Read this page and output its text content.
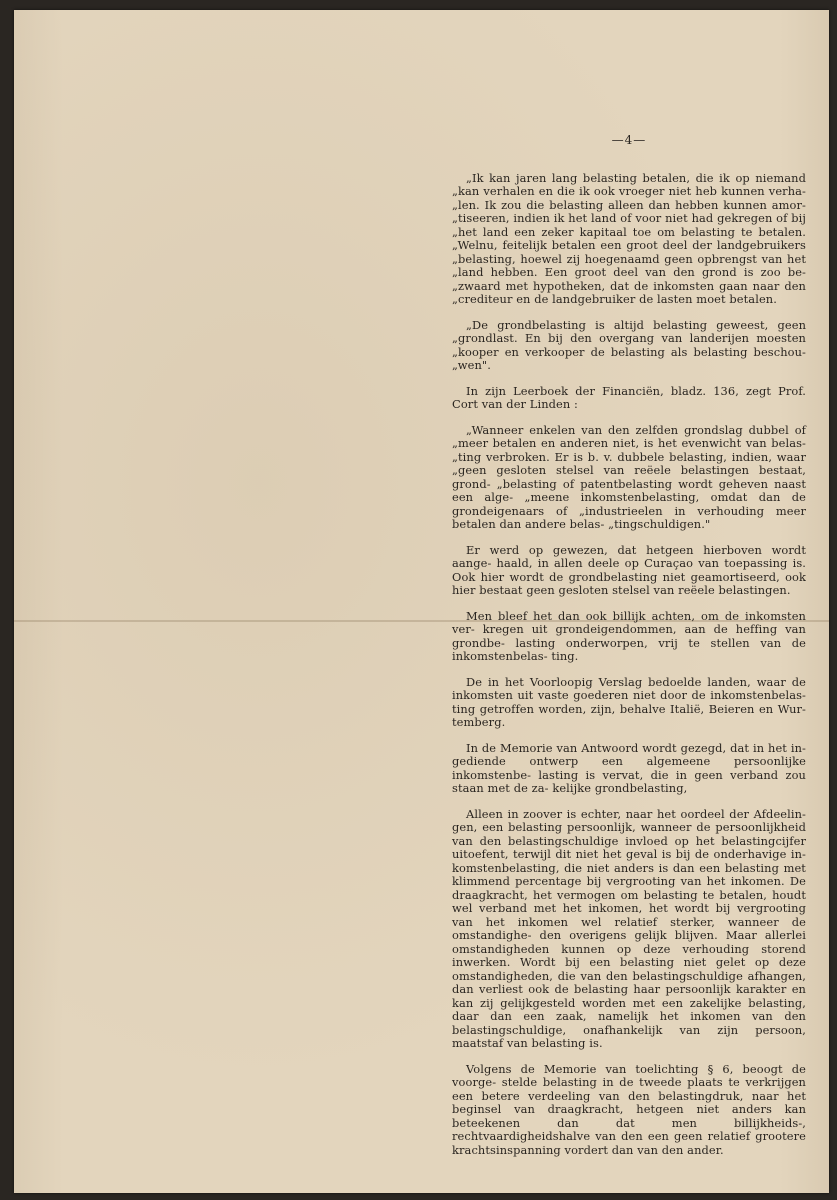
—4—

„Ik kan jaren lang belasting betalen, die ik op niemand „kan verhalen en die ik ook vroeger niet heb kunnen verha- „len. Ik zou die belasting alleen dan hebben kunnen amor- „tiseeren, indien ik het land of voor niet had gekregen of bij „het land een zeker kapitaal toe om belasting te betalen. „Welnu, feitelijk betalen een groot deel der landgebruikers „belasting, hoewel zij hoegenaamd geen opbrengst van het „land hebben. Een groot deel van den grond is zoo be- „zwaard met hypotheken, dat de inkomsten gaan naar den „crediteur en de landgebruiker de lasten moet betalen.

„De grondbelasting is altijd belasting geweest, geen „grondlast. En bij den overgang van landerijen moesten „kooper en verkooper de belasting als belasting beschou- „wen".

In zijn Leerboek der Financiën, bladz. 136, zegt Prof. Cort van der Linden :

„Wanneer enkelen van den zelfden grondslag dubbel of „meer betalen en anderen niet, is het evenwicht van belas- „ting verbroken. Er is b. v. dubbele belasting, indien, waar „geen gesloten stelsel van reëele belastingen bestaat, grond- „belasting of patentbelasting wordt geheven naast een alge- „meene inkomstenbelasting, omdat dan de grondeigenaars of „industrieelen in verhouding meer betalen dan andere belas- „tingschuldigen."

Er werd op gewezen, dat hetgeen hierboven wordt aange- haald, in allen deele op Curaçao van toepassing is. Ook hier wordt de grondbelasting niet geamortiseerd, ook hier bestaat geen gesloten stelsel van reëele belastingen.

Men bleef het dan ook billijk achten, om de inkomsten ver- kregen uit grondeigendommen, aan de heffing van grondbe- lasting onderworpen, vrij te stellen van de inkomstenbelas- ting.

De in het Voorloopig Verslag bedoelde landen, waar de inkomsten uit vaste goederen niet door de inkomstenbelas- ting getroffen worden, zijn, behalve Italië, Beieren en Wur- temberg.

In de Memorie van Antwoord wordt gezegd, dat in het in- gediende ontwerp een algemeene persoonlijke inkomstenbe- lasting is vervat, die in geen verband zou staan met de za- kelijke grondbelasting,

Alleen in zoover is echter, naar het oordeel der Afdeelin- gen, een belasting persoonlijk, wanneer de persoonlijkheid van den belastingschuldige invloed op het belastingcijfer uitoefent, terwijl dit niet het geval is bij de onderhavige in- komstenbelasting, die niet anders is dan een belasting met klimmend percentage bij vergrooting van het inkomen. De draagkracht, het vermogen om belasting te betalen, houdt wel verband met het inkomen, het wordt bij vergrooting van het inkomen wel relatief sterker, wanneer de omstandighe- den overigens gelijk blijven. Maar allerlei omstandigheden kunnen op deze verhouding storend inwerken. Wordt bij een belasting niet gelet op deze omstandigheden, die van den belastingschuldige afhangen, dan verliest ook de belasting haar persoonlijk karakter en kan zij gelijkgesteld worden met een zakelijke belasting, daar dan een zaak, namelijk het inkomen van den belastingschuldige, onafhankelijk van zijn persoon, maatstaf van belasting is.

Volgens de Memorie van toelichting § 6, beoogt de voorge- stelde belasting in de tweede plaats te verkrijgen een betere verdeeling van den belastingdruk, naar het beginsel van draagkracht, hetgeen niet anders kan beteekenen dan dat men billijkheids-, rechtvaardigheidshalve van den een geen relatief grootere krachtsinspanning vordert dan van den ander.
